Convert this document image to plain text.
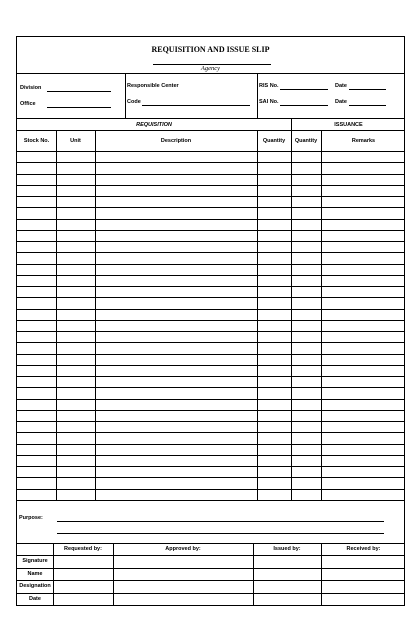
REQUISITION AND ISSUE SLIP
Agency
Division
Office
Responsible Center
Code
RIS No.	Date
SAI No.	Date
REQUISITION	ISSUANCE
Stock No.	Unit	Description	Quantity	Quantity	Remarks
Purpose:
Requested by:	Approved by:	Issued by:	Received by:
Signature
Name
Designation
Date
